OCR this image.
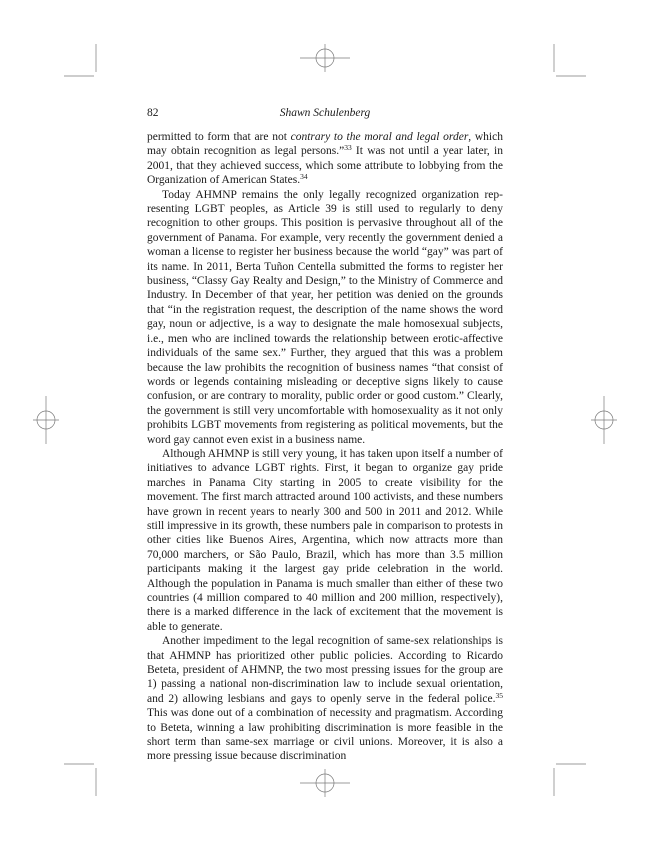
82	Shawn Schulenberg

permitted to form that are not contrary to the moral and legal order, which may obtain recognition as legal persons.”$^{33}$ It was not until a year later, in 2001, that they achieved success, which some attribute to lobbying from the Organization of American States.$^{34}$

Today AHMNP remains the only legally recognized organization representing LGBT peoples, as Article 39 is still used to regularly to deny recognition to other groups. This position is pervasive throughout all of the government of Panama. For example, very recently the government denied a woman a license to register her business because the world “gay” was part of its name. In 2011, Berta Tuñon Centella submitted the forms to register her business, “Classy Gay Realty and Design,” to the Ministry of Commerce and Industry. In December of that year, her petition was denied on the grounds that “in the registration request, the description of the name shows the word gay, noun or adjective, is a way to designate the male homosexual subjects, i.e., men who are inclined towards the relationship between erotic-affective individuals of the same sex.” Further, they argued that this was a problem because the law prohibits the recognition of business names “that consist of words or legends containing misleading or deceptive signs likely to cause confusion, or are contrary to morality, public order or good custom.” Clearly, the government is still very uncomfortable with homosexuality as it not only prohibits LGBT movements from registering as political movements, but the word gay cannot even exist in a business name.

Although AHMNP is still very young, it has taken upon itself a number of initiatives to advance LGBT rights. First, it began to organize gay pride marches in Panama City starting in 2005 to create visibility for the movement. The first march attracted around 100 activists, and these numbers have grown in recent years to nearly 300 and 500 in 2011 and 2012. While still impressive in its growth, these numbers pale in comparison to protests in other cities like Buenos Aires, Argentina, which now attracts more than 70,000 marchers, or São Paulo, Brazil, which has more than 3.5 million participants making it the largest gay pride celebration in the world. Although the population in Panama is much smaller than either of these two countries (4 million compared to 40 million and 200 million, respectively), there is a marked difference in the lack of excitement that the movement is able to generate.

Another impediment to the legal recognition of same-sex relationships is that AHMNP has prioritized other public policies. According to Ricardo Beteta, president of AHMNP, the two most pressing issues for the group are 1) passing a national non-discrimination law to include sexual orientation, and 2) allowing lesbians and gays to openly serve in the federal police.$^{35}$ This was done out of a combination of necessity and pragmatism. According to Beteta, winning a law prohibiting discrimination is more feasible in the short term than same-sex marriage or civil unions. Moreover, it is also a more pressing issue because discrimination
